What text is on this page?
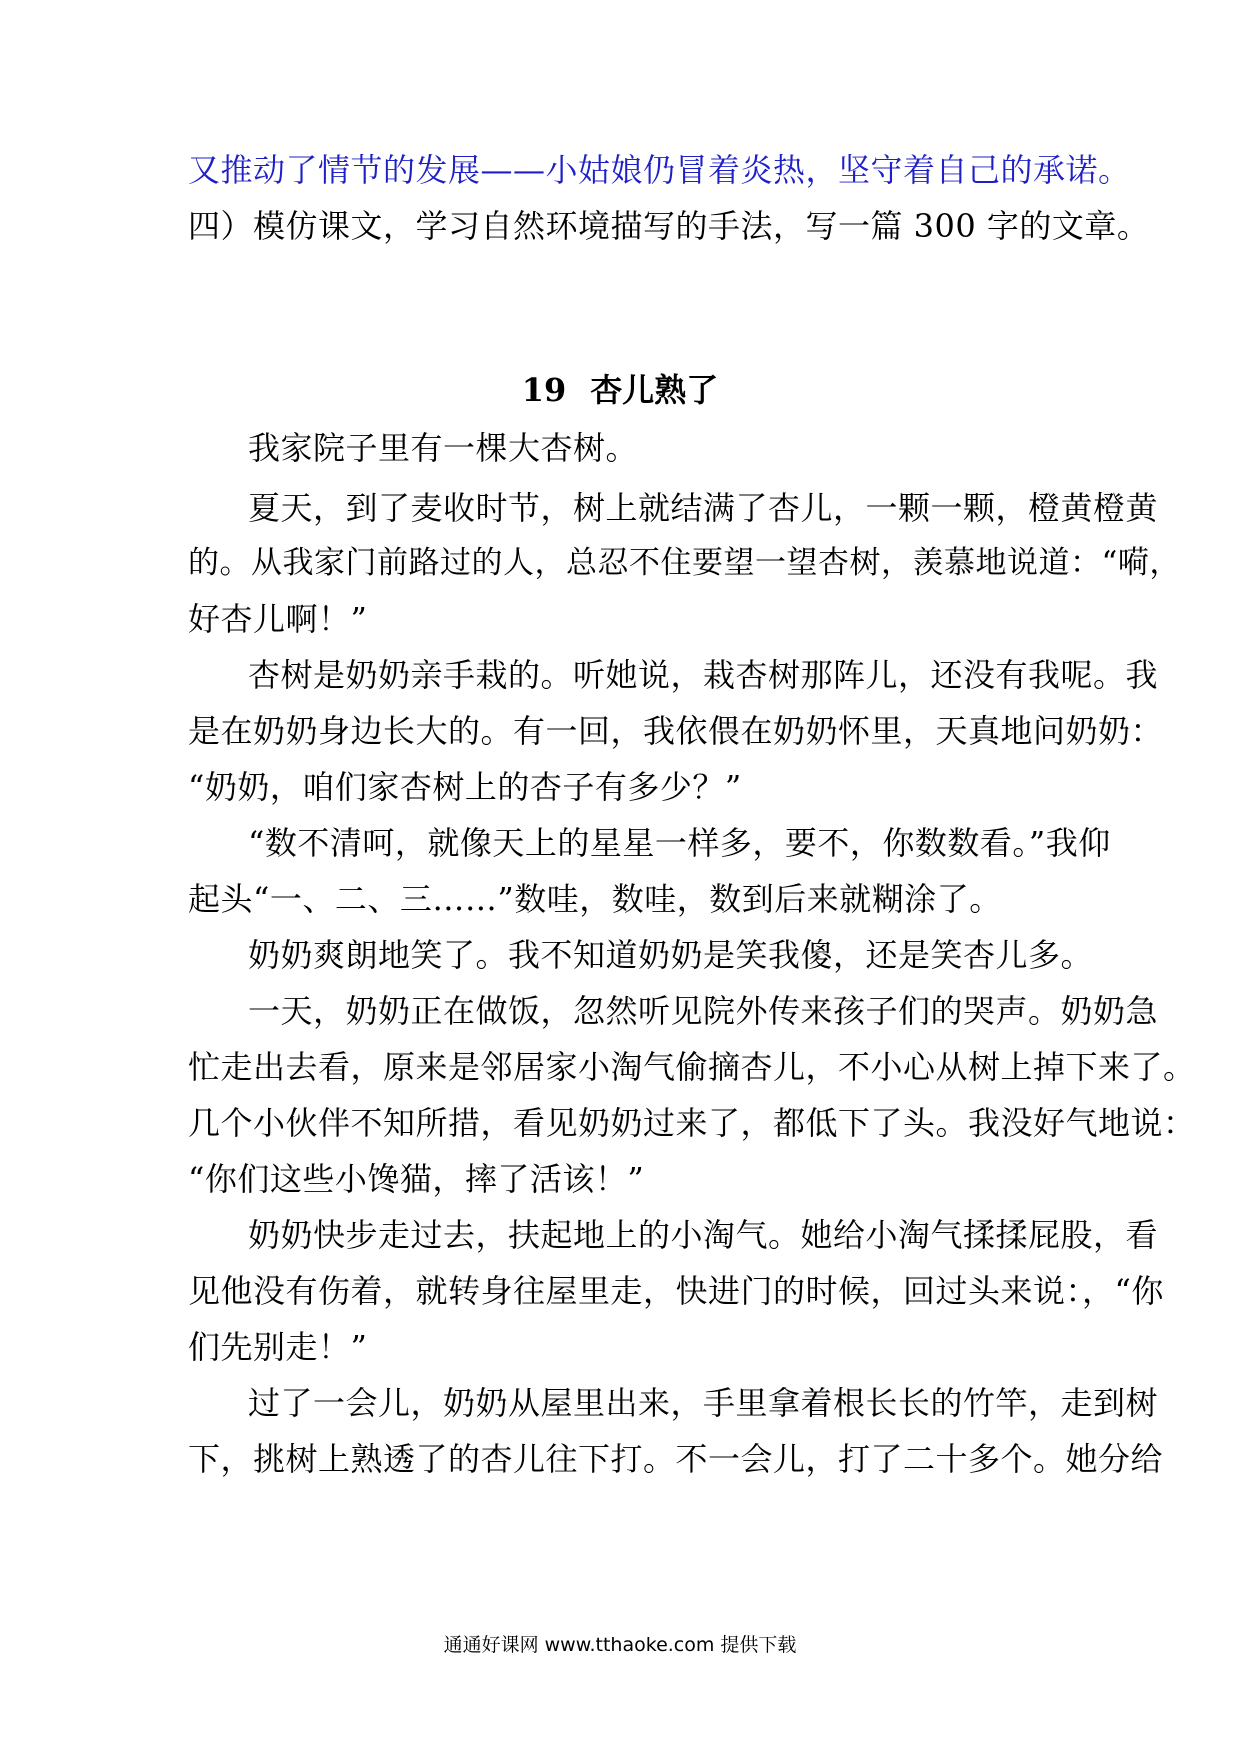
又推动了情节的发展——小姑娘仍冒着炎热，坚守着自己的承诺。
四）模仿课文，学习自然环境描写的手法，写一篇 300 字的文章。
19 杏儿熟了
我家院子里有一棵大杏树。
夏天，到了麦收时节，树上就结满了杏儿，一颗一颗，橙黄橙黄
的。从我家门前路过的人，总忍不住要望一望杏树，羡慕地说道：“嗬，
好杏儿啊！”
杏树是奶奶亲手栽的。听她说，栽杏树那阵儿，还没有我呢。我
是在奶奶身边长大的。有一回，我依偎在奶奶怀里，天真地问奶奶：
“奶奶，咱们家杏树上的杏子有多少？”
“数不清呵，就像天上的星星一样多，要不，你数数看。”我仰
起头“一、二、三……”数哇，数哇，数到后来就糊涂了。
奶奶爽朗地笑了。我不知道奶奶是笑我傻，还是笑杏儿多。
一天，奶奶正在做饭，忽然听见院外传来孩子们的哭声。奶奶急
忙走出去看，原来是邻居家小淘气偷摘杏儿，不小心从树上掉下来了。
几个小伙伴不知所措，看见奶奶过来了，都低下了头。我没好气地说：
“你们这些小馋猫，摔了活该！”
奶奶快步走过去，扶起地上的小淘气。她给小淘气揉揉屁股，看
见他没有伤着，就转身往屋里走，快进门的时候，回过头来说：，“你
们先别走！”
过了一会儿，奶奶从屋里出来，手里拿着根长长的竹竿，走到树
下，挑树上熟透了的杏儿往下打。不一会儿，打了二十多个。她分给
通通好课网 www.tthaoke.com 提供下载
